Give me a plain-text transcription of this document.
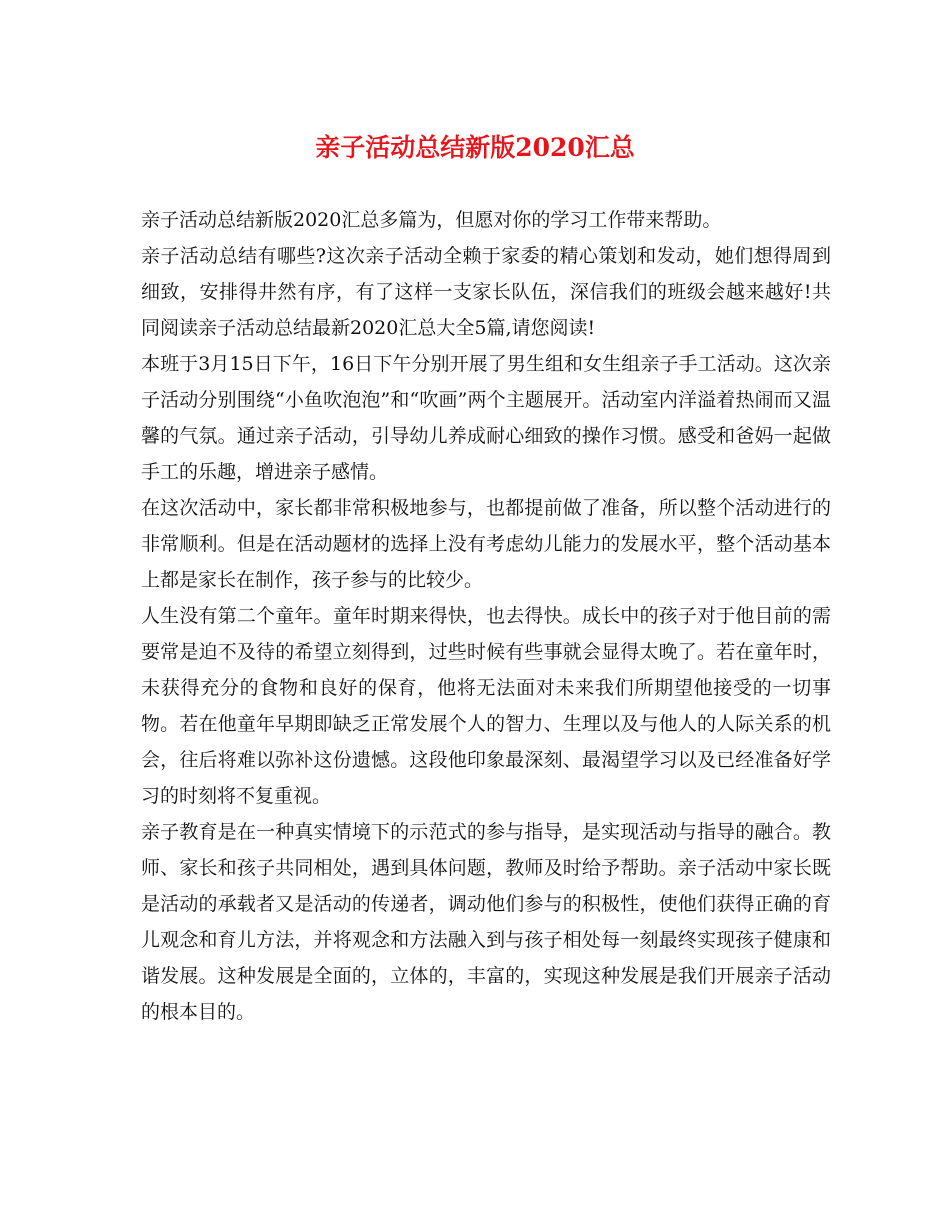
亲子活动总结新版2020汇总

亲子活动总结新版2020汇总多篇为，但愿对你的学习工作带来帮助。

亲子活动总结有哪些?这次亲子活动全赖于家委的精心策划和发动，她们想得周到细致，安排得井然有序，有了这样一支家长队伍，深信我们的班级会越来越好!共同阅读亲子活动总结最新2020汇总大全5篇,请您阅读!

本班于3月15日下午，16日下午分别开展了男生组和女生组亲子手工活动。这次亲子活动分别围绕“小鱼吹泡泡”和“吹画”两个主题展开。活动室内洋溢着热闹而又温馨的气氛。通过亲子活动，引导幼儿养成耐心细致的操作习惯。感受和爸妈一起做手工的乐趣，增进亲子感情。

在这次活动中，家长都非常积极地参与，也都提前做了准备，所以整个活动进行的非常顺利。但是在活动题材的选择上没有考虑幼儿能力的发展水平，整个活动基本上都是家长在制作，孩子参与的比较少。

人生没有第二个童年。童年时期来得快，也去得快。成长中的孩子对于他目前的需要常是迫不及待的希望立刻得到，过些时候有些事就会显得太晚了。若在童年时，未获得充分的食物和良好的保育，他将无法面对未来我们所期望他接受的一切事物。若在他童年早期即缺乏正常发展个人的智力、生理以及与他人的人际关系的机会，往后将难以弥补这份遗憾。这段他印象最深刻、最渴望学习以及已经准备好学习的时刻将不复重视。

亲子教育是在一种真实情境下的示范式的参与指导，是实现活动与指导的融合。教师、家长和孩子共同相处，遇到具体问题，教师及时给予帮助。亲子活动中家长既是活动的承载者又是活动的传递者，调动他们参与的积极性，使他们获得正确的育儿观念和育儿方法，并将观念和方法融入到与孩子相处每一刻最终实现孩子健康和谐发展。这种发展是全面的，立体的，丰富的，实现这种发展是我们开展亲子活动的根本目的。
